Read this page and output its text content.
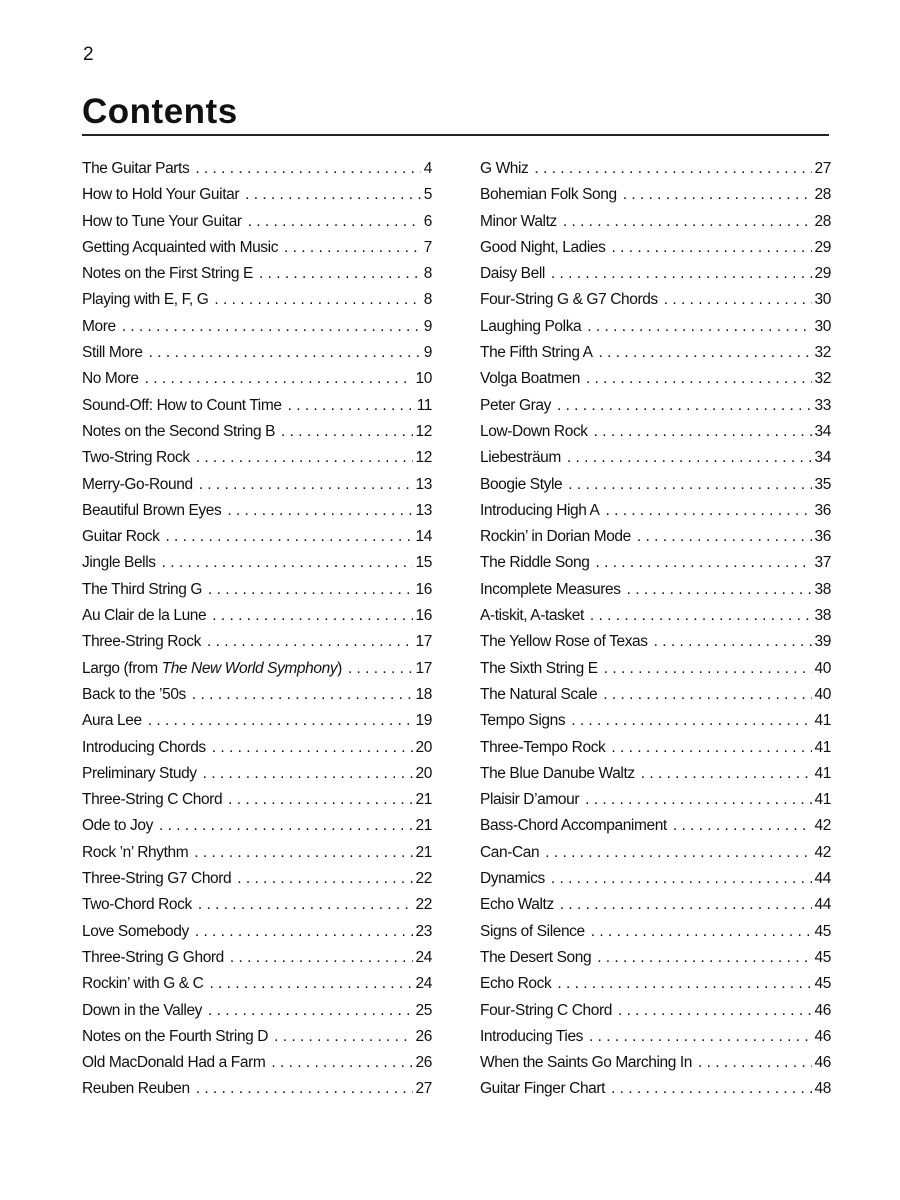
2
Contents
The Guitar Parts . . .	4
How to Hold Your Guitar . . .	5
How to Tune Your Guitar . . .	6
Getting Acquainted with Music . . .	7
Notes on the First String E . . .	8
Playing with E, F, G . . .	8
More . . .	9
Still More . . .	9
No More . . .	10
Sound-Off: How to Count Time . . .	11
Notes on the Second String B . . .	12
Two-String Rock . . .	12
Merry-Go-Round . . .	13
Beautiful Brown Eyes . . .	13
Guitar Rock . . .	14
Jingle Bells . . .	15
The Third String G . . .	16
Au Clair de la Lune . . .	16
Three-String Rock . . .	17
Largo (from The New World Symphony) . . .	17
Back to the ’50s . . .	18
Aura Lee . . .	19
Introducing Chords . . .	20
Preliminary Study . . .	20
Three-String C Chord . . .	21
Ode to Joy . . .	21
Rock ’n’ Rhythm . . .	21
Three-String G7 Chord . . .	22
Two-Chord Rock . . .	22
Love Somebody . . .	23
Three-String G Ghord . . .	24
Rockin’ with G & C . . .	24
Down in the Valley . . .	25
Notes on the Fourth String D . . .	26
Old MacDonald Had a Farm . . .	26
Reuben Reuben . . .	27
G Whiz . . .	27
Bohemian Folk Song . . .	28
Minor Waltz . . .	28
Good Night, Ladies . . .	29
Daisy Bell . . .	29
Four-String G & G7 Chords . . .	30
Laughing Polka . . .	30
The Fifth String A . . .	32
Volga Boatmen . . .	32
Peter Gray . . .	33
Low-Down Rock . . .	34
Liebesträum . . .	34
Boogie Style . . .	35
Introducing High A . . .	36
Rockin’ in Dorian Mode . . .	36
The Riddle Song . . .	37
Incomplete Measures . . .	38
A-tiskit, A-tasket . . .	38
The Yellow Rose of Texas . . .	39
The Sixth String E . . .	40
The Natural Scale . . .	40
Tempo Signs . . .	41
Three-Tempo Rock . . .	41
The Blue Danube Waltz . . .	41
Plaisir D’amour . . .	41
Bass-Chord Accompaniment . . .	42
Can-Can . . .	42
Dynamics . . .	44
Echo Waltz . . .	44
Signs of Silence . . .	45
The Desert Song . . .	45
Echo Rock . . .	45
Four-String C Chord . . .	46
Introducing Ties . . .	46
When the Saints Go Marching In . . .	46
Guitar Finger Chart . . .	48
